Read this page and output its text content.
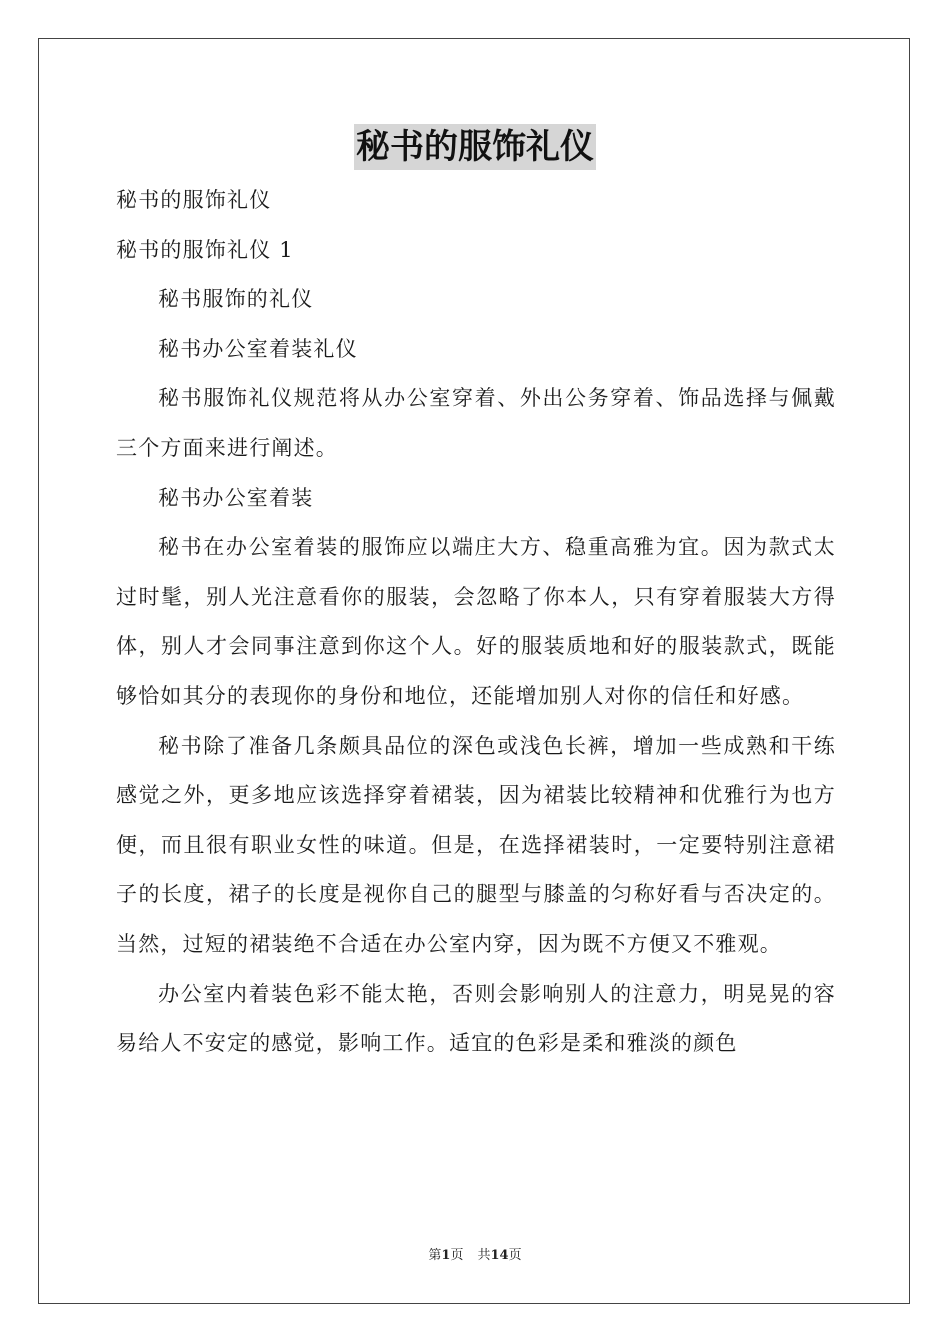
秘书的服饰礼仪

秘书的服饰礼仪

秘书的服饰礼仪 1

秘书服饰的礼仪

秘书办公室着装礼仪

秘书服饰礼仪规范将从办公室穿着、外出公务穿着、饰品选择与佩戴三个方面来进行阐述。

秘书办公室着装

秘书在办公室着装的服饰应以端庄大方、稳重高雅为宜。因为款式太过时髦，别人光注意看你的服装，会忽略了你本人，只有穿着服装大方得体，别人才会同事注意到你这个人。好的服装质地和好的服装款式，既能够恰如其分的表现你的身份和地位，还能增加别人对你的信任和好感。

秘书除了准备几条颇具品位的深色或浅色长裤，增加一些成熟和干练感觉之外，更多地应该选择穿着裙装，因为裙装比较精神和优雅行为也方便，而且很有职业女性的味道。但是，在选择裙装时，一定要特别注意裙子的长度，裙子的长度是视你自己的腿型与膝盖的匀称好看与否决定的。当然，过短的裙装绝不合适在办公室内穿，因为既不方便又不雅观。

办公室内着装色彩不能太艳，否则会影响别人的注意力，明晃晃的容易给人不安定的感觉，影响工作。适宜的色彩是柔和雅淡的颜色

第1页 共14页
